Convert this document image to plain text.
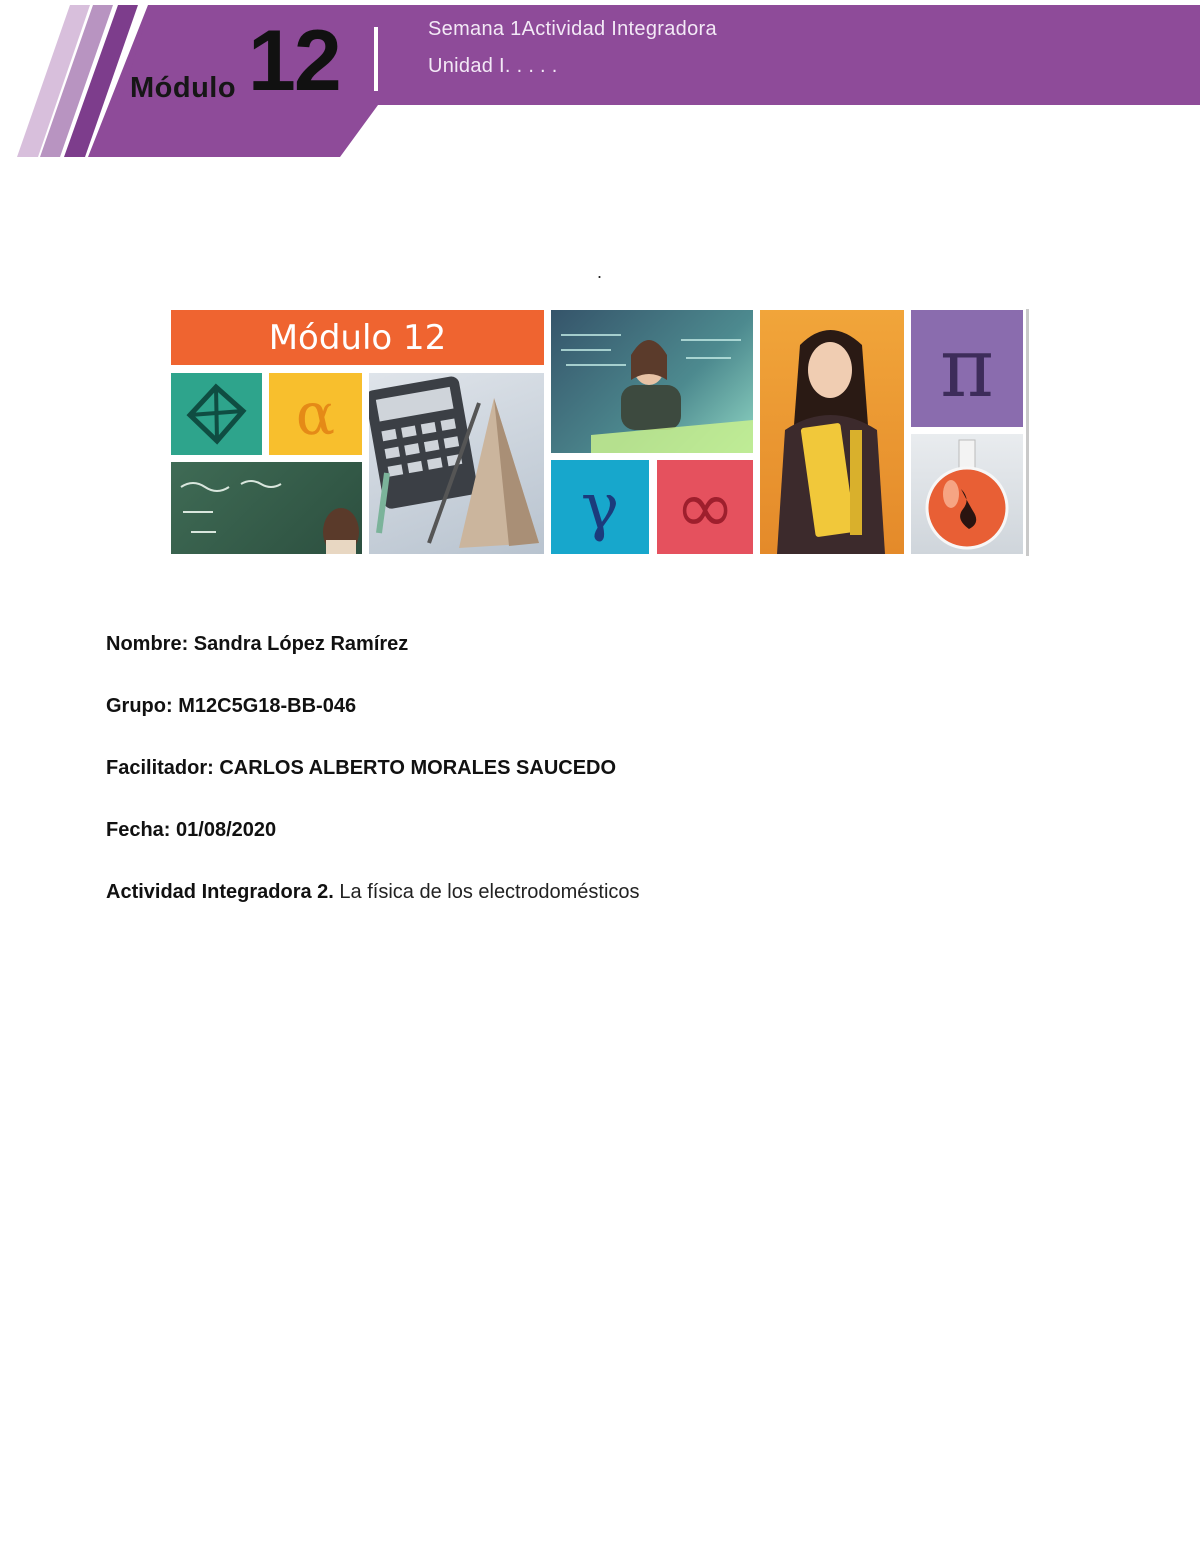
Módulo 12	Semana 1Actividad Integradora
Unidad I. . . . .
.
Módulo 12
α
γ ∞
π
Nombre: Sandra López Ramírez
Grupo: M12C5G18-BB-046
Facilitador: CARLOS ALBERTO MORALES SAUCEDO
Fecha: 01/08/2020
Actividad Integradora 2. La física de los electrodomésticos
